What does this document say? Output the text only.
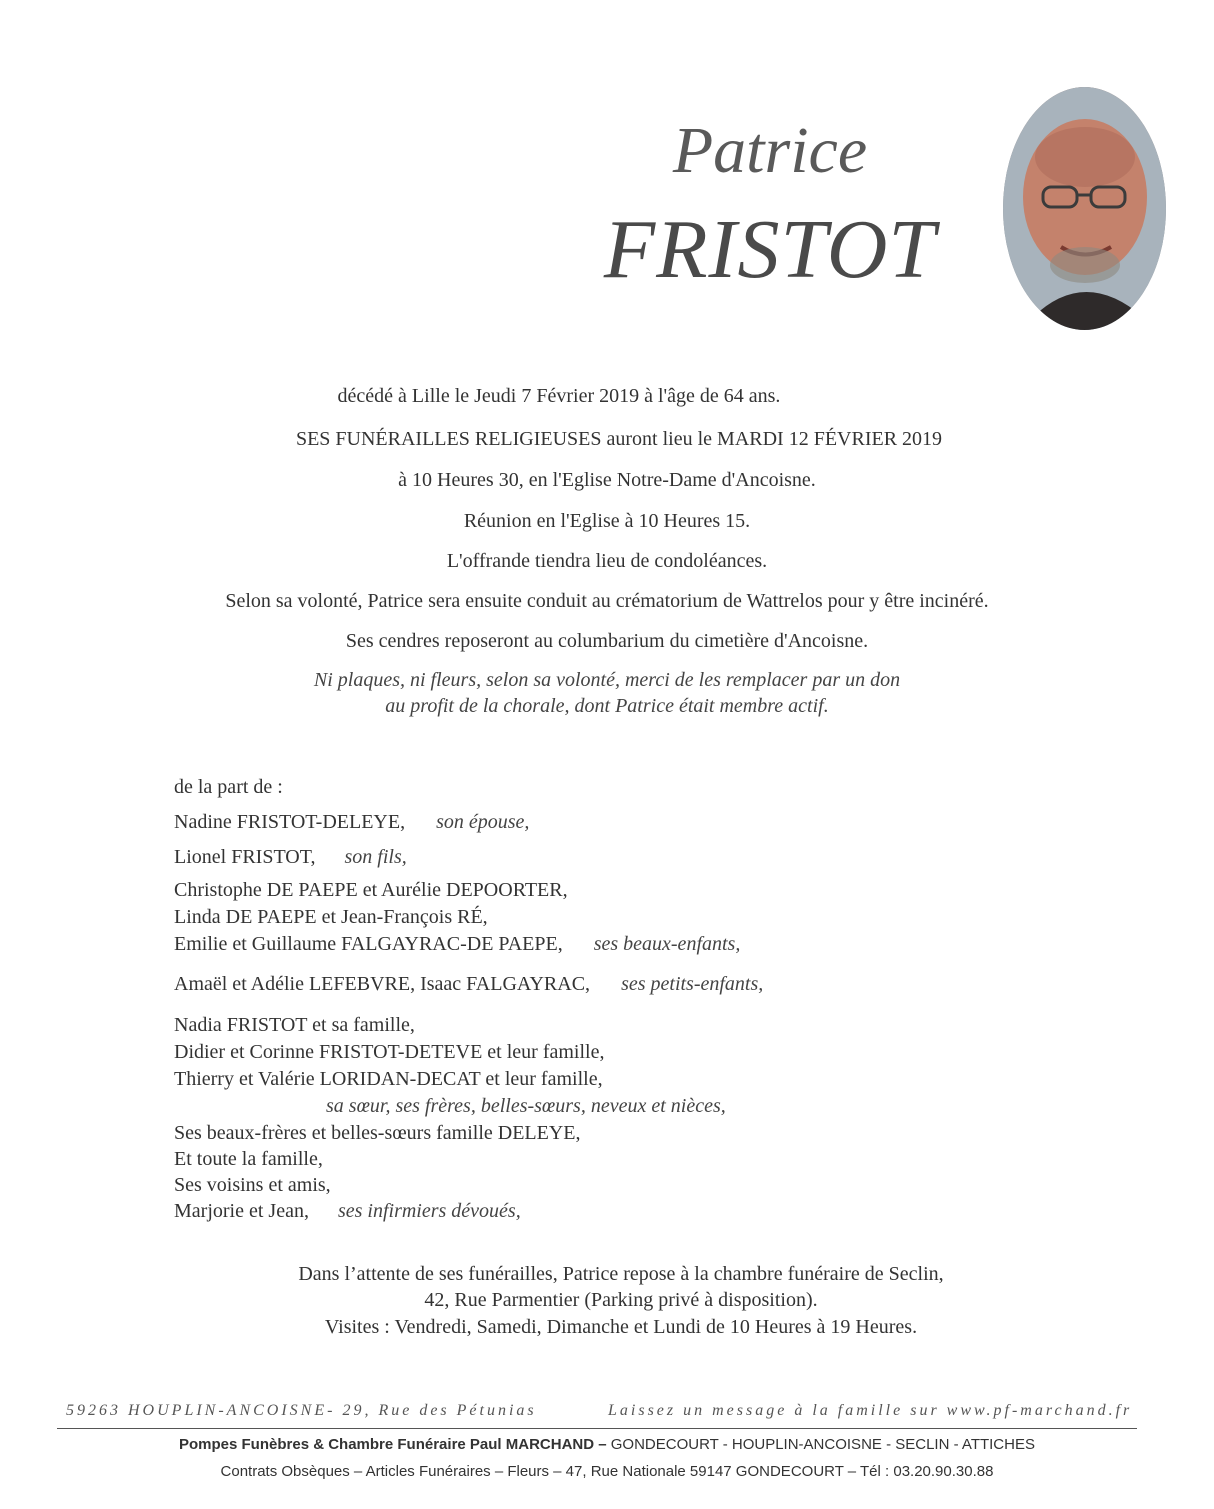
Patrice
FRISTOT
décédé à Lille le Jeudi 7 Février 2019 à l'âge de 64 ans.
SES FUNÉRAILLES RELIGIEUSES auront lieu le MARDI 12 FÉVRIER 2019
à 10 Heures 30, en l'Eglise Notre-Dame d'Ancoisne.
Réunion en l'Eglise à 10 Heures 15.
L'offrande tiendra lieu de condoléances.
Selon sa volonté, Patrice sera ensuite conduit au crématorium de Wattrelos pour y être incinéré.
Ses cendres reposeront au columbarium du cimetière d'Ancoisne.
Ni plaques, ni fleurs, selon sa volonté, merci de les remplacer par un don
au profit de la chorale, dont Patrice était membre actif.
de la part de :
Nadine FRISTOT-DELEYE, son épouse,
Lionel FRISTOT, son fils,
Christophe DE PAEPE et Aurélie DEPOORTER,
Linda DE PAEPE et Jean-François RÉ,
Emilie et Guillaume FALGAYRAC-DE PAEPE, ses beaux-enfants,
Amaël et Adélie LEFEBVRE, Isaac FALGAYRAC, ses petits-enfants,
Nadia FRISTOT et sa famille,
Didier et Corinne FRISTOT-DETEVE et leur famille,
Thierry et Valérie LORIDAN-DECAT et leur famille,
sa sœur, ses frères, belles-sœurs, neveux et nièces,
Ses beaux-frères et belles-sœurs famille DELEYE,
Et toute la famille,
Ses voisins et amis,
Marjorie et Jean, ses infirmiers dévoués,
Dans l’attente de ses funérailles, Patrice repose à la chambre funéraire de Seclin,
42, Rue Parmentier (Parking privé à disposition).
Visites : Vendredi, Samedi, Dimanche et Lundi de 10 Heures à 19 Heures.
59263 HOUPLIN-ANCOISNE- 29, Rue des Pétunias	Laissez un message à la famille sur www.pf-marchand.fr
Pompes Funèbres & Chambre Funéraire Paul MARCHAND – GONDECOURT - HOUPLIN-ANCOISNE - SECLIN - ATTICHES
Contrats Obsèques – Articles Funéraires – Fleurs – 47, Rue Nationale 59147 GONDECOURT – Tél : 03.20.90.30.88
